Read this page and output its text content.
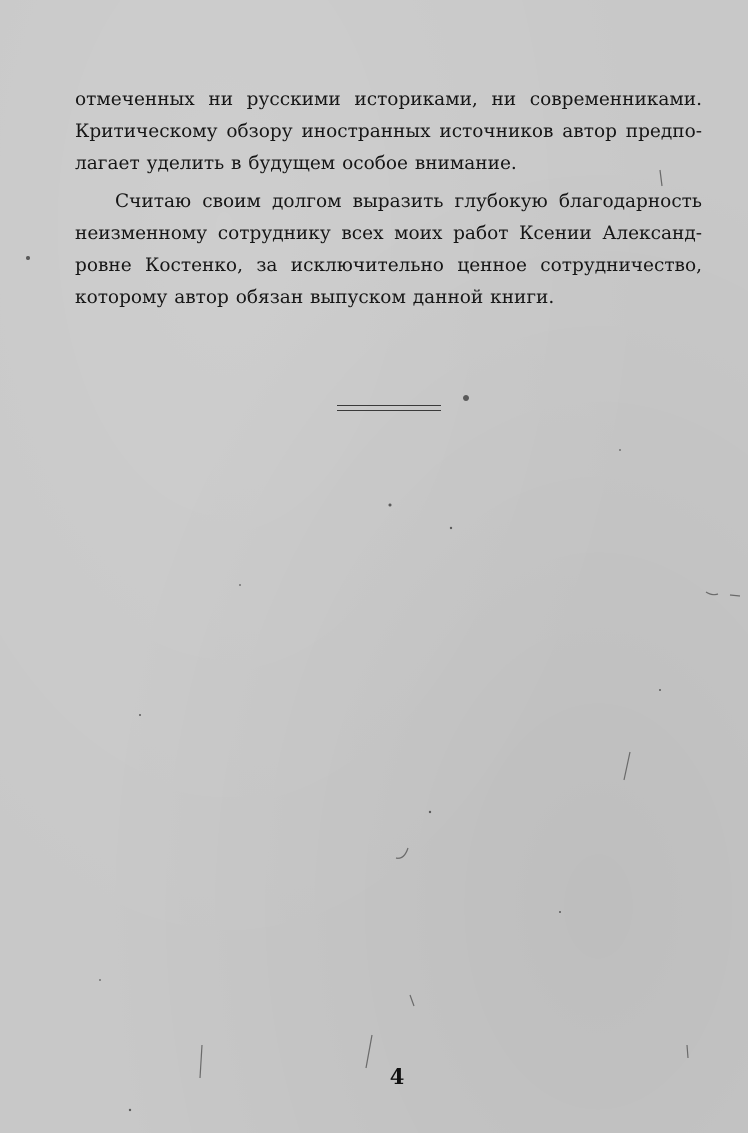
отмеченных ни русскими историками, ни современниками.
Критическому обзору иностранных источников автор предпо-
лагает уделить в будущем особое внимание.
Считаю своим долгом выразить глубокую благодарность
неизменному сотруднику всех моих работ Ксении Александ-
ровне Костенко, за исключительно ценное сотрудничество,
которому автор обязан выпуском данной книги.
4
